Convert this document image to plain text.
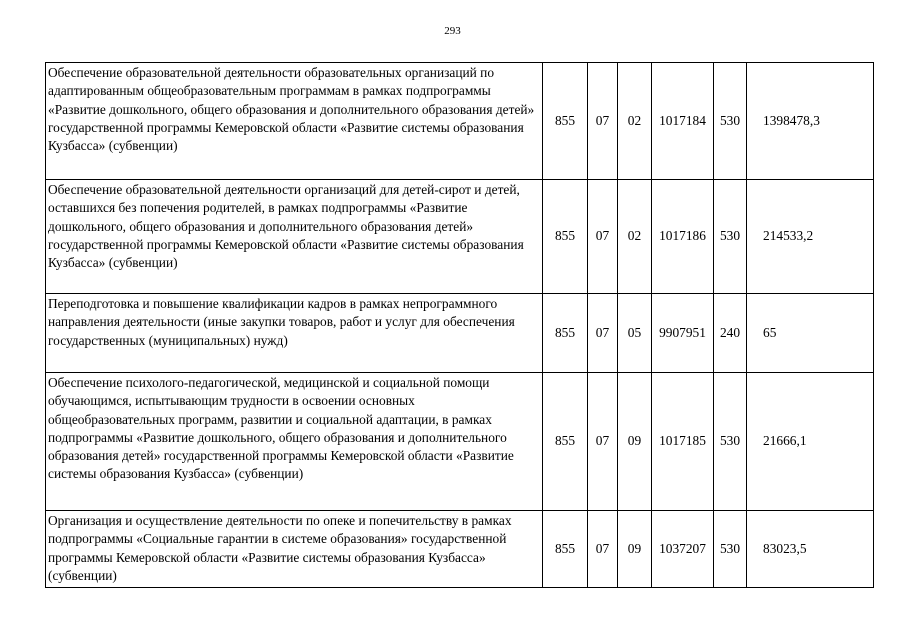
293
Обеспечение образовательной деятельности образовательных организаций по адаптированным общеобразовательным программам в рамках подпрограммы «Развитие дошкольного, общего образования и дополнительного образования детей» государственной программы Кемеровской области «Развитие системы образования Кузбасса» (субвенции)	855	07	02	1017184	530	1398478,3
Обеспечение образовательной деятельности организаций для детей-сирот и детей, оставшихся без попечения родителей, в рамках подпрограммы «Развитие дошкольного, общего образования и дополнительного образования детей» государственной программы Кемеровской области «Развитие системы образования Кузбасса» (субвенции)	855	07	02	1017186	530	214533,2
Переподготовка и повышение квалификации кадров в рамках непрограммного направления деятельности (иные закупки товаров, работ и услуг для обеспечения государственных (муниципальных) нужд)	855	07	05	9907951	240	65
Обеспечение психолого-педагогической, медицинской и социальной помощи обучающимся, испытывающим трудности в освоении основных общеобразовательных программ, развитии и социальной адаптации, в рамках подпрограммы «Развитие дошкольного, общего образования и дополнительного образования детей» государственной программы Кемеровской области «Развитие системы образования Кузбасса» (субвенции)	855	07	09	1017185	530	21666,1
Организация и осуществление деятельности по опеке и попечительству в рамках подпрограммы «Социальные гарантии в системе образования» государственной программы Кемеровской области «Развитие системы образования Кузбасса» (субвенции)	855	07	09	1037207	530	83023,5
